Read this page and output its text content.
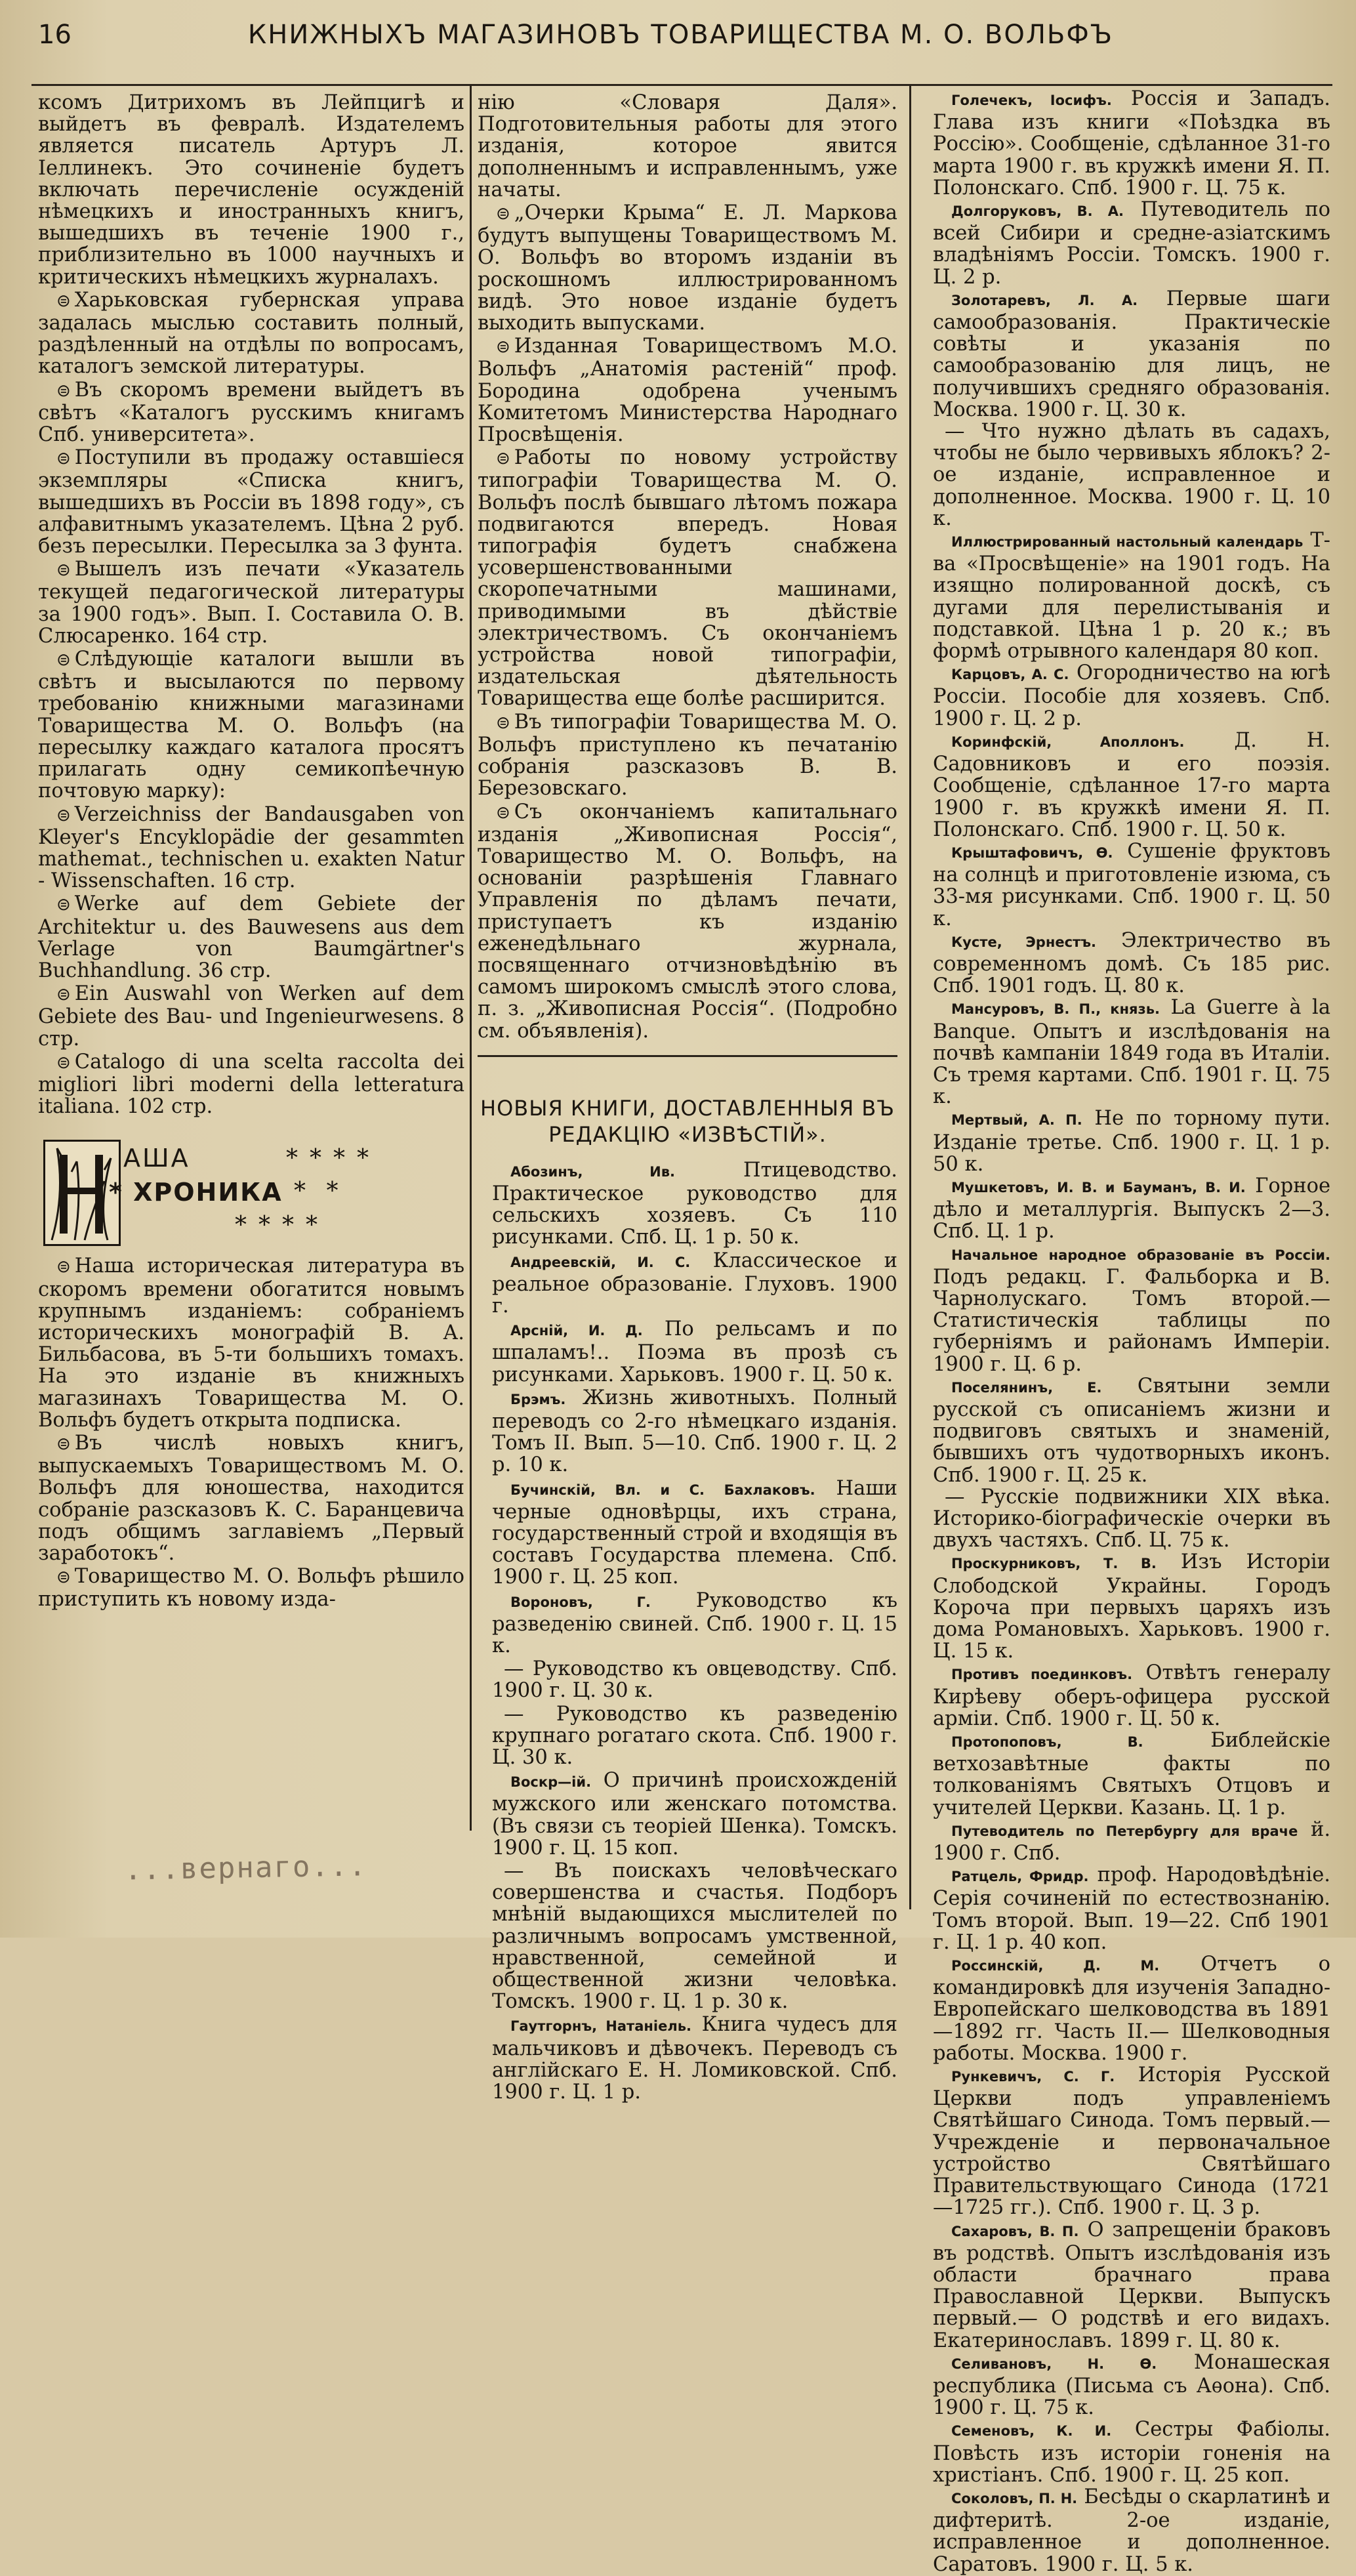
16	КНИЖНЫХЪ МАГАЗИНОВЪ ТОВАРИЩЕСТВА М. О. ВОЛЬФЪ

ксомъ Дитрихомъ въ Лейпцигѣ и выйдетъ въ февралѣ. Издателемъ является писатель Артуръ Л. Іеллинекъ. Это сочиненіе будетъ включать перечисленіе осужденій нѣмецкихъ и иностранныхъ книгъ, вышедшихъ въ теченіе 1900 г., приблизительно въ 1000 научныхъ и критическихъ нѣмецкихъ журналахъ.

⊜ Харьковская губернская управа задалась мыслью составить полный, раздѣленный на отдѣлы по вопросамъ, каталогъ земской литературы.

⊜ Въ скоромъ времени выйдетъ въ свѣтъ «Каталогъ русскимъ книгамъ Спб. университета».

⊜ Поступили въ продажу оставшіеся экземпляры «Списка книгъ, вышедшихъ въ Россіи въ 1898 году», съ алфавитнымъ указателемъ. Цѣна 2 руб. безъ пересылки. Пересылка за 3 фунта.

⊜ Вышелъ изъ печати «Указатель текущей педагогической литературы за 1900 годъ». Вып. I. Составила О. В. Слюсаренко. 164 стр.

⊜ Слѣдующіе каталоги вышли въ свѣтъ и высылаются по первому требованію книжными магазинами Товарищества М. О. Вольфъ (на пересылку каждаго каталога просятъ прилагать одну семикопѣечную почтовую марку):

⊜ Verzeichniss der Bandausgaben von Kleyer's Encyklopädie der gesammten mathemat., technischen u. exakten Natur - Wissenschaften. 16 стр.

⊜ Werke auf dem Gebiete der Architektur u. des Bauwesens aus dem Verlage von Baumgärtner's Buchhandlung. 36 стр.

⊜ Ein Auswahl von Werken auf dem Gebiete des Bau- und Ingenieurwesens. 8 стр.

⊜ Catalogo di una scelta raccolta dei migliori libri moderni della letteratura italiana. 102 стр.

АША	****
* ХРОНИКА * *
****

⊜ Наша историческая литература въ скоромъ времени обогатится новымъ крупнымъ изданіемъ: собраніемъ историческихъ монографій В. А. Бильбасова, въ 5-ти большихъ томахъ. На это изданіе въ книжныхъ магазинахъ Товарищества М. О. Вольфъ будетъ открыта подписка.

⊜ Въ числѣ новыхъ книгъ, выпускаемыхъ Товариществомъ М. О. Вольфъ для юношества, находится собраніе разсказовъ К. С. Баранцевича подъ общимъ заглавіемъ „Первый заработокъ“.

⊜ Товарищество М. О. Вольфъ рѣшило приступить къ новому изда-

нію «Словаря Даля». Подготовительныя работы для этого изданія, которое явится дополненнымъ и исправленнымъ, уже начаты.

⊜ „Очерки Крыма“ Е. Л. Маркова будутъ выпущены Товариществомъ М. О. Вольфъ во второмъ изданіи въ роскошномъ иллюстрированномъ видѣ. Это новое изданіе будетъ выходить выпусками.

⊜ Изданная Товариществомъ М.О. Вольфъ „Анатомія растеній“ проф. Бородина одобрена ученымъ Комитетомъ Министерства Народнаго Просвѣщенія.

⊜ Работы по новому устройству типографіи Товарищества М. О. Вольфъ послѣ бывшаго лѣтомъ пожара подвигаются впередъ. Новая типографія будетъ снабжена усовершенствованными скоропечатными машинами, приводимыми въ дѣйствіе электричествомъ. Съ окончаніемъ устройства новой типографіи, издательская дѣятельность Товарищества еще болѣе расширится.

⊜ Въ типографіи Товарищества М. О. Вольфъ приступлено къ печатанію собранія разсказовъ В. В. Березовскаго.

⊜ Съ окончаніемъ капитальнаго изданія „Живописная Россія“, Товарищество М. О. Вольфъ, на основаніи разрѣшенія Главнаго Управленія по дѣламъ печати, приступаетъ къ изданію еженедѣльнаго журнала, посвященнаго отчизновѣдѣнію въ самомъ широкомъ смыслѣ этого слова, п. з. „Живописная Россія“. (Подробно см. объявленія).

НОВЫЯ КНИГИ, ДОСТАВЛЕННЫЯ ВЪ РЕДАКЦІЮ «ИЗВѢСТІЙ».

Абозинъ, Ив.	Птицеводство. Практическое руководство для сельскихъ хозяевъ. Съ 110 рисунками. Спб. Ц. 1 р. 50 к.

Андреевскій, И. С. Классическое и реальное образованіе. Глуховъ. 1900 г.

Арсній, И. Д. По рельсамъ и по шпаламъ!.. Поэма въ прозѣ съ рисунками. Харьковъ. 1900 г. Ц. 50 к.

Брэмъ. Жизнь животныхъ. Полный переводъ со 2-го нѣмецкаго изданія. Томъ II. Вып. 5—10. Спб. 1900 г. Ц. 2 р. 10 к.

Бучинскій, Вл. и С. Бахлаковъ. Наши черные одновѣрцы, ихъ страна, государственный строй и входящія въ составъ Государства племена. Спб. 1900 г. Ц. 25 коп.

Вороновъ, Г. Руководство къ разведенію свиней. Спб. 1900 г. Ц. 15 к.

— Руководство къ овцеводству. Спб. 1900 г. Ц. 30 к.

— Руководство къ разведенію крупнаго рогатаго скота. Спб. 1900 г. Ц. 30 к.

Воскр—ій. О причинѣ происхожденій мужского или женскаго потомства. (Въ связи съ теоріей Шенка). Томскъ. 1900 г. Ц. 15 коп.

— Въ поискахъ человѣческаго совершенства и счастья. Подборъ мнѣній выдающихся мыслителей по различнымъ вопросамъ умственной, нравственной, семейной и общественной жизни человѣка. Томскъ. 1900 г. Ц. 1 р. 30 к.

Гаутгорнъ, Натаніель. Книга чудесъ для мальчиковъ и дѣвочекъ. Переводъ съ англійскаго Е. Н. Ломиковской. Спб. 1900 г. Ц. 1 р.

Голечекъ, Іосифъ. Россія и Западъ. Глава изъ книги «Поѣздка въ Россію». Сообщеніе, сдѣланное 31-го марта 1900 г. въ кружкѣ имени Я. П. Полонскаго. Спб. 1900 г. Ц. 75 к.

Долгоруковъ, В. А. Путеводитель по всей Сибири и средне-азіатскимъ владѣніямъ Россіи. Томскъ. 1900 г. Ц. 2 р.

Золотаревъ, Л. А. Первые шаги самообразованія. Практическіе совѣты и указанія по самообразованію для лицъ, не получившихъ средняго образованія. Москва. 1900 г. Ц. 30 к.

— Что нужно дѣлать въ садахъ, чтобы не было червивыхъ яблокъ? 2-ое изданіе, исправленное и дополненное. Москва. 1900 г. Ц. 10 к.

Иллюстрированный настольный календарь Т-ва «Просвѣщеніе» на 1901 годъ. На изящно полированной доскѣ, съ дугами для перелистыванія и подставкой. Цѣна 1 р. 20 к.; въ формѣ отрывного календаря 80 коп.

Карцовъ, А. С. Огородничество на югѣ Россіи. Пособіе для хозяевъ. Спб. 1900 г. Ц. 2 р.

Коринфскій, Аполлонъ. Д. Н. Садовниковъ и его поэзія. Сообщеніе, сдѣланное 17-го марта 1900 г. въ кружкѣ имени Я. П. Полонскаго. Спб. 1900 г. Ц. 50 к.

Крыштафовичъ, Ѳ. Сушеніе фруктовъ на солнцѣ и приготовленіе изюма, съ 33-мя рисунками. Спб. 1900 г. Ц. 50 к.

Кусте, Эрнестъ. Электричество въ современномъ домѣ. Съ 185 рис. Спб. 1901 годъ. Ц. 80 к.

Мансуровъ, В. П., князь. La Guerre à la Banque. Опытъ и изслѣдованія на почвѣ кампаніи 1849 года въ Италіи. Съ тремя картами. Спб. 1901 г. Ц. 75 к.

Мертвый, А. П. Не по торному пути. Изданіе третье. Спб. 1900 г. Ц. 1 р. 50 к.

Мушкетовъ, И. В. и Бауманъ, В. И. Горное дѣло и металлургія. Выпускъ 2—3. Спб. Ц. 1 р.

Начальное народное образованіе въ Россіи. Подъ редакц. Г. Фальборка и В. Чарнолускаго. Томъ второй.—Статистическія таблицы по губерніямъ и районамъ Имперіи. 1900 г. Ц. 6 р.

Поселянинъ, Е. Святыни земли русской съ описаніемъ жизни и подвиговъ святыхъ и знаменій, бывшихъ отъ чудотворныхъ иконъ. Спб. 1900 г. Ц. 25 к.

— Русскіе подвижники XIX вѣка. Историко-біографическіе очерки въ двухъ частяхъ. Спб. Ц. 75 к.

Проскурниковъ, Т. В. Изъ Исторіи Слободской Украйны. Городъ Корочa при первыхъ царяхъ изъ дома Романовыхъ. Харьковъ. 1900 г. Ц. 15 к.

Противъ поединковъ. Отвѣтъ генералу Кирѣеву оберъ-офицера русской арміи. Спб. 1900 г. Ц. 50 к.

Протопоповъ, В.	Библейскіе ветхозавѣтные факты по толкованіямъ Святыхъ Отцовъ и учителей Церкви. Казань. Ц. 1 р.

Путеводитель по Петербургу для враче й. 1900 г. Спб.

Ратцель, Фридр. проф. Народовѣдѣніе. Серія сочиненій по естествознанію. Томъ второй. Вып. 19—22. Спб 1901 г. Ц. 1 р. 40 коп.

Россинскій, Д. М. Отчетъ о командировкѣ для изученія Западно-Европейскаго шелководства въ 1891—1892 гг. Часть II.— Шелководныя работы. Москва. 1900 г.

Рункевичъ, С. Г. Исторія Русской Церкви подъ управленіемъ Святѣйшаго Синода. Томъ первый.— Учрежденіе и первоначальное устройство Святѣйшаго Правительствующаго Синода (1721—1725 гг.). Спб. 1900 г. Ц. 3 р.

Сахаровъ, В. П. О запрещеніи браковъ въ родствѣ. Опытъ изслѣдованія изъ области брачнаго права Православной Церкви. Выпускъ первый.— О родствѣ и его видахъ. Екатеринославъ. 1899 г. Ц. 80 к.

Селивановъ, Н. Ѳ. Монашеская республика (Письма съ Аѳона). Спб. 1900 г. Ц. 75 к.

Семеновъ, К. И. Сестры Фабіолы. Повѣсть изъ исторіи гоненія на христіанъ. Спб. 1900 г. Ц. 25 коп.

Соколовъ, П. Н. Бесѣды о скарлатинѣ и дифтеритѣ. 2-ое изданіе, исправленное и дополненное. Саратовъ. 1900 г. Ц. 5 к.

...вернаго...
